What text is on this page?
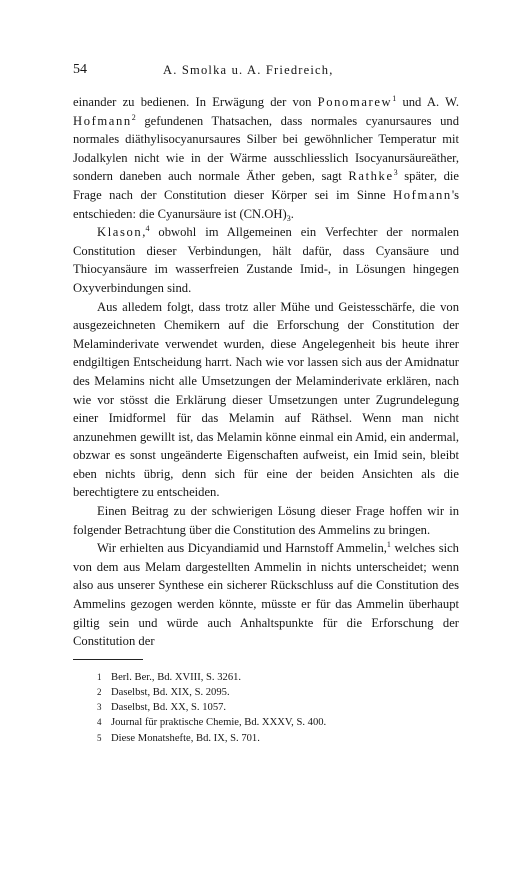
54	A. Smolka u. A. Friedreich,

einander zu bedienen. In Erwägung der von Ponomarew$^1$ und A. W. Hofmann$^2$ gefundenen Thatsachen, dass normales cyanursaures und normales diäthylisocyanursaures Silber bei gewöhnlicher Temperatur mit Jodalkylen nicht wie in der Wärme ausschliesslich Isocyanursäureäther, sondern daneben auch normale Äther geben, sagt Rathke$^3$ später, die Frage nach der Constitution dieser Körper sei im Sinne Hofmann's entschieden: die Cyanursäure ist $(CN.OH)_3$.

Klason,$^4$ obwohl im Allgemeinen ein Verfechter der normalen Constitution dieser Verbindungen, hält dafür, dass Cyansäure und Thiocyansäure im wasserfreien Zustande Imid-, in Lösungen hingegen Oxyverbindungen sind.

Aus alledem folgt, dass trotz aller Mühe und Geistesschärfe, die von ausgezeichneten Chemikern auf die Erforschung der Constitution der Melaminderivate verwendet wurden, diese Angelegenheit bis heute ihrer endgiltigen Entscheidung harrt. Nach wie vor lassen sich aus der Amidnatur des Melamins nicht alle Umsetzungen der Melaminderivate erklären, nach wie vor stösst die Erklärung dieser Umsetzungen unter Zugrundelegung einer Imidformel für das Melamin auf Räthsel. Wenn man nicht anzunehmen gewillt ist, das Melamin könne einmal ein Amid, ein andermal, obzwar es sonst ungeänderte Eigenschaften aufweist, ein Imid sein, bleibt eben nichts übrig, denn sich für eine der beiden Ansichten als die berechtigtere zu entscheiden.

Einen Beitrag zu der schwierigen Lösung dieser Frage hoffen wir in folgender Betrachtung über die Constitution des Ammelins zu bringen.

Wir erhielten aus Dicyandiamid und Harnstoff Ammelin,$^1$ welches sich von dem aus Melam dargestellten Ammelin in nichts unterscheidet; wenn also aus unserer Synthese ein sicherer Rückschluss auf die Constitution des Ammelins gezogen werden könnte, müsste er für das Ammelin überhaupt giltig sein und würde auch Anhaltspunkte für die Erforschung der Constitution der

1 Berl. Ber., Bd. XVIII, S. 3261.
2 Daselbst, Bd. XIX, S. 2095.
3 Daselbst, Bd. XX, S. 1057.
4 Journal für praktische Chemie, Bd. XXXV, S. 400.
5 Diese Monatshefte, Bd. IX, S. 701.
